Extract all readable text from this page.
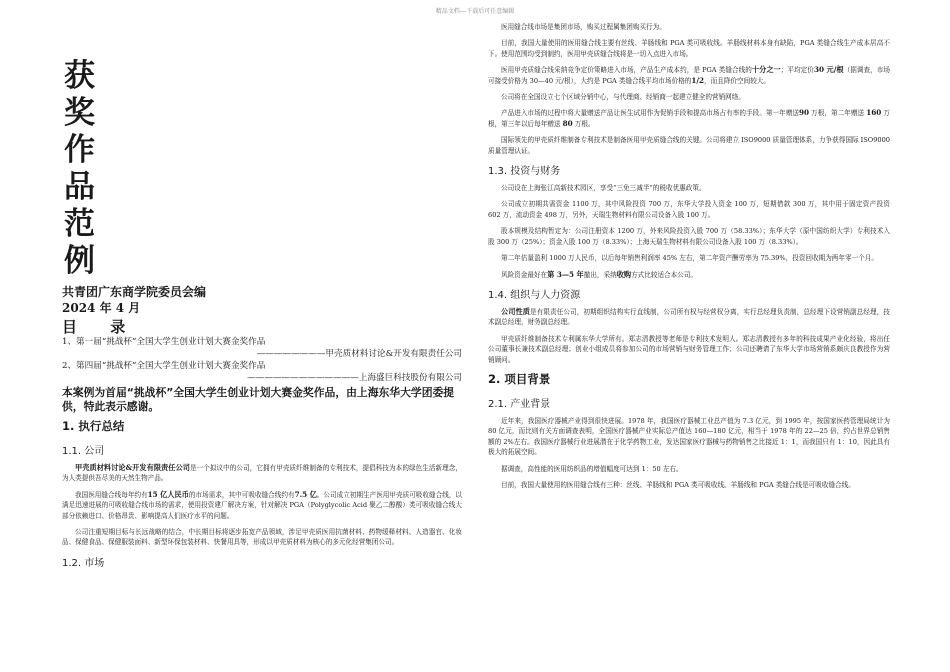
精品文档---下载后可任意编辑
获
奖
作
品
范
例
共青团广东商学院委员会编
2024 年 4 月
目 录
1、第一届“挑战杯”全国大学生创业计划大赛金奖作品
————————甲壳质材料讨论&开发有限责任公司
2、第四届“挑战杯”全国大学生创业计划大赛金奖作品
—————————————上海盛巨科技股份有限公司
本案例为首届“挑战杯”全国大学生创业计划大赛金奖作品，由上海东华大学团委提供，特此表示感谢。
1. 执行总结
1.1. 公司

甲壳质材料讨论&开发有限责任公司是一个拟议中的公司，它拥有甲壳质纤维制备的专利技术，提倡科技为本的绿色生活新理念，为人类提供吾尽美的天然生物产品。

我国医用缝合线每年约有15 亿人民币的市场需求，其中可吸收缝合线约有7.5 亿。公司成立初期生产医用甲壳质可吸收缝合线，以满足迅速进展的可吸收缝合线市场的需求，使用投资建厂解决方案，针对解决 PGA（Polyglycolic Acid 聚乙二醇酸）类可吸收缝合线大部分依赖进口、价格昂贵、影响提高人们医疗水平的问题。

公司注重短期目标与长远战略的结合，中长期目标将逐步拓宽产品领域，涉足甲壳质医用抗菌材料、药物缓释材料、人造器官、化妆品、保健食品、保健服装面料、新型环保包装材料、快餐用具等，形成以甲壳质材料为核心的多元化经营集团公司。

1.2. 市场

医用缝合线市场是集团市场，购买过程属集团购买行为。

目前，我国大量使用的医用缝合线主要有丝线、羊肠线和 PGA 类可吸收线。羊肠线材料本身有缺陷，PGA 类缝合线生产成本居高不下。使用范围均受到制约，医用甲壳质缝合线将是一切入点进入市场。

医用甲壳质缝合线采纳竞争定价策略进入市场，产品生产成本约，是 PGA 类缝合线的十分之一；平均定价30 元/根（据调查，市场可接受价格为 30—40 元/根），大约是 PGA 类缝合线平均市场价格的1/2，而且降价空间较大。

公司将在全国设立七个区域分销中心，与代理商、经销商一起建立健全的营销网络。

产品进入市场的过程中将大量赠送产品让医生试用作为促销手段和提高市场占有率的手段。第一年赠送90 万根，第二年赠送 160 万根，第三年以后每年赠送 80 万根。

国际领先的甲壳质纤维制备专利技术是制备医用甲壳质缝合线的关键。公司将建立 ISO9000 质量管理体系，力争获得国际 ISO9000 质量管理认证。

1.3. 投资与财务

公司设在上海张江高新技术园区，享受“三免三减半”的税收优惠政策。

公司成立初期共需资金 1100 万，其中风险投资 700 万，东华大学投入资金 100 万，短期借款 300 万，其中用于固定资产投资 602 万，流动资金 498 万，另外，天瑞生物材料有限公司设备入股 100 万。

股本规模及结构暂定为：公司注册资本 1200 万，外来风险投资入股 700 万（58.33%）；东华大学（原中国纺织大学）专利技术入股 300 万（25%）；资金入股 100 万（8.33%）；上海天瑞生物材料有限公司设备入股 100 万（8.33%）。

第二年估量盈利 1000 万人民币，以后每年销售利润率 45% 左右，第二年资产酬劳率为 75.39%，投资回收期为两年零一个月。

风险资金最好在第 3—5 年撤出，采纳收购方式比较适合本公司。

1.4. 组织与人力资源

公司性质是有限责任公司，初期组织结构实行直线制，公司所有权与经营权分离，实行总经理负责制，总经理下设营销副总经理，技术副总经理，财务副总经理。

甲壳质纤维制备技术专利属东华大学所有。郑志清教授等老师是专利技术发明人。郑志清教授有多年的科技成果产业化经验，将出任公司董事长兼技术副总经理；创业小组成员将参加公司的市场营销与财务管理工作；公司还聘请了东华大学市场营销系颇庆良教授作为营销顾问。

2. 项目背景
2.1. 产业背景

近年来，我国医疗器械产业得到很快进展。1978 年，我国医疗器械工业总产值为 7.3 亿元，到 1995 年，按国家医药管理局统计为 80 亿元，而比则有关方面调查表明，全国医疗器械产业实际总产值达 160—180 亿元，相当于 1978 年的 22—25 倍，约占世界总销售额的 2%左右。我国医疗器械行业进展潜在于化学药物工业，发达国家医疗器械与药物销售之比接近 1：1，而我国只有 1：10，因此具有极大的拓展空间。

据调查，高性能的医用纺织品的增值幅度可达到 1：50 左右。

目前，我国大量使用的医用缝合线有三种：丝线、羊肠线和 PGA 类可吸收线。羊肠线和 PGA 类缝合线是可吸收缝合线。
